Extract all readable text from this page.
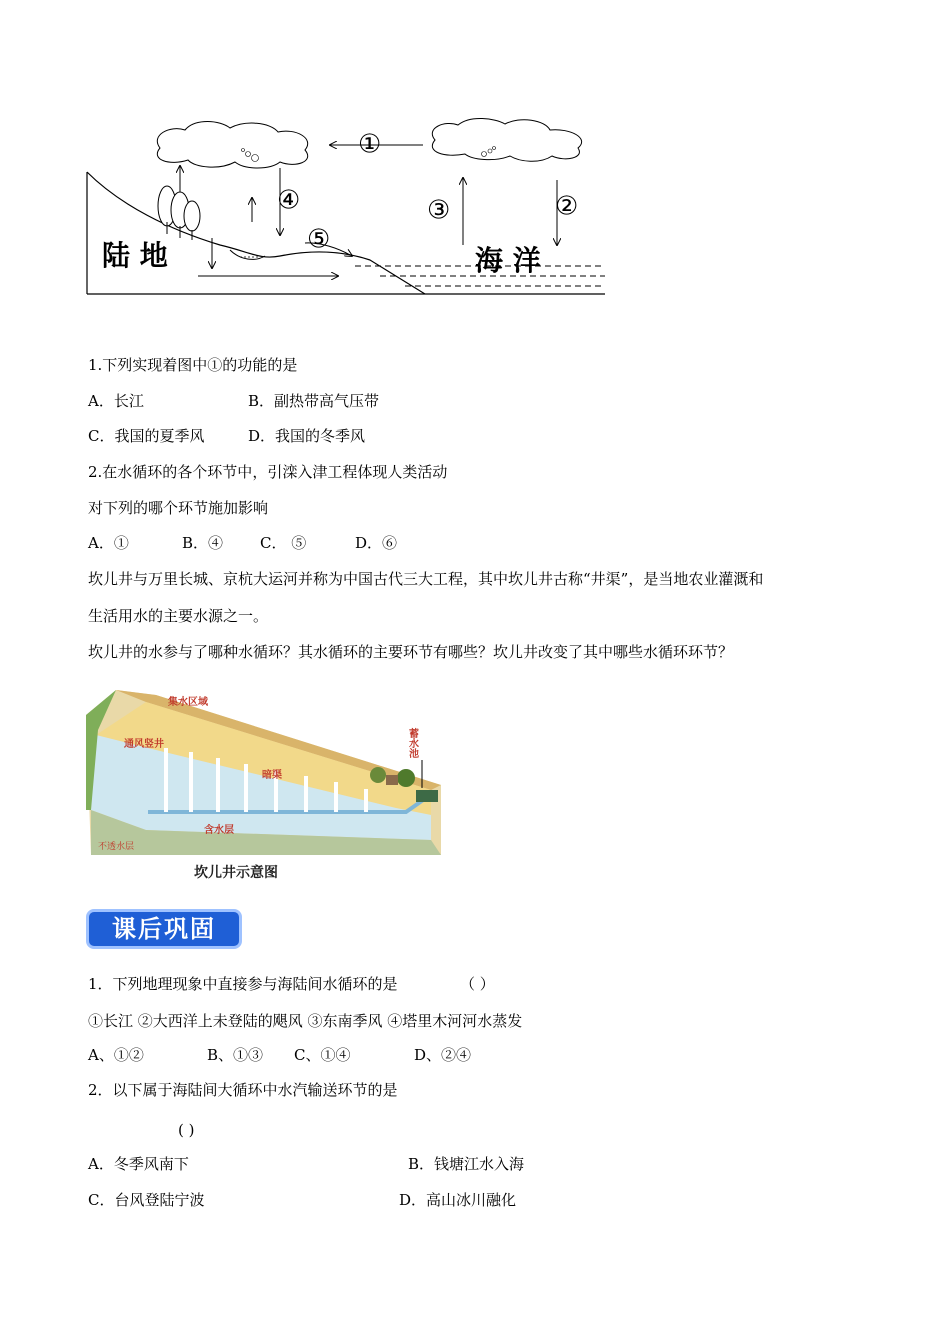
①
④
⑤
③	②
陆 地	海 洋
1.下列实现着图中①的功能的是
A．长江	B．副热带高气压带
C．我国的夏季风	D．我国的冬季风
2.在水循环的各个环节中，引滦入津工程体现人类活动
对下列的哪个环节施加影响
A．①	B．④ C． ⑤	D．⑥
坎儿井与万里长城、京杭大运河并称为中国古代三大工程，其中坎儿井古称“井渠”，是当地农业灌溉和
生活用水的主要水源之一。
坎儿井的水参与了哪种水循环？其水循环的主要环节有哪些？坎儿井改变了其中哪些水循环环节？
集水区域
通风竖井
暗渠
含水层
蓄水池
不透水层
坎儿井示意图
课后巩固
1．下列地理现象中直接参与海陆间水循环的是	（ ）
①长江 ②大西洋上未登陆的飓风 ③东南季风 ④塔里木河河水蒸发
A、①②	B、①③ C、①④	D、②④
2．以下属于海陆间大循环中水汽输送环节的是
( )
A．冬季风南下	B．钱塘江水入海
C．台风登陆宁波	D．高山冰川融化
